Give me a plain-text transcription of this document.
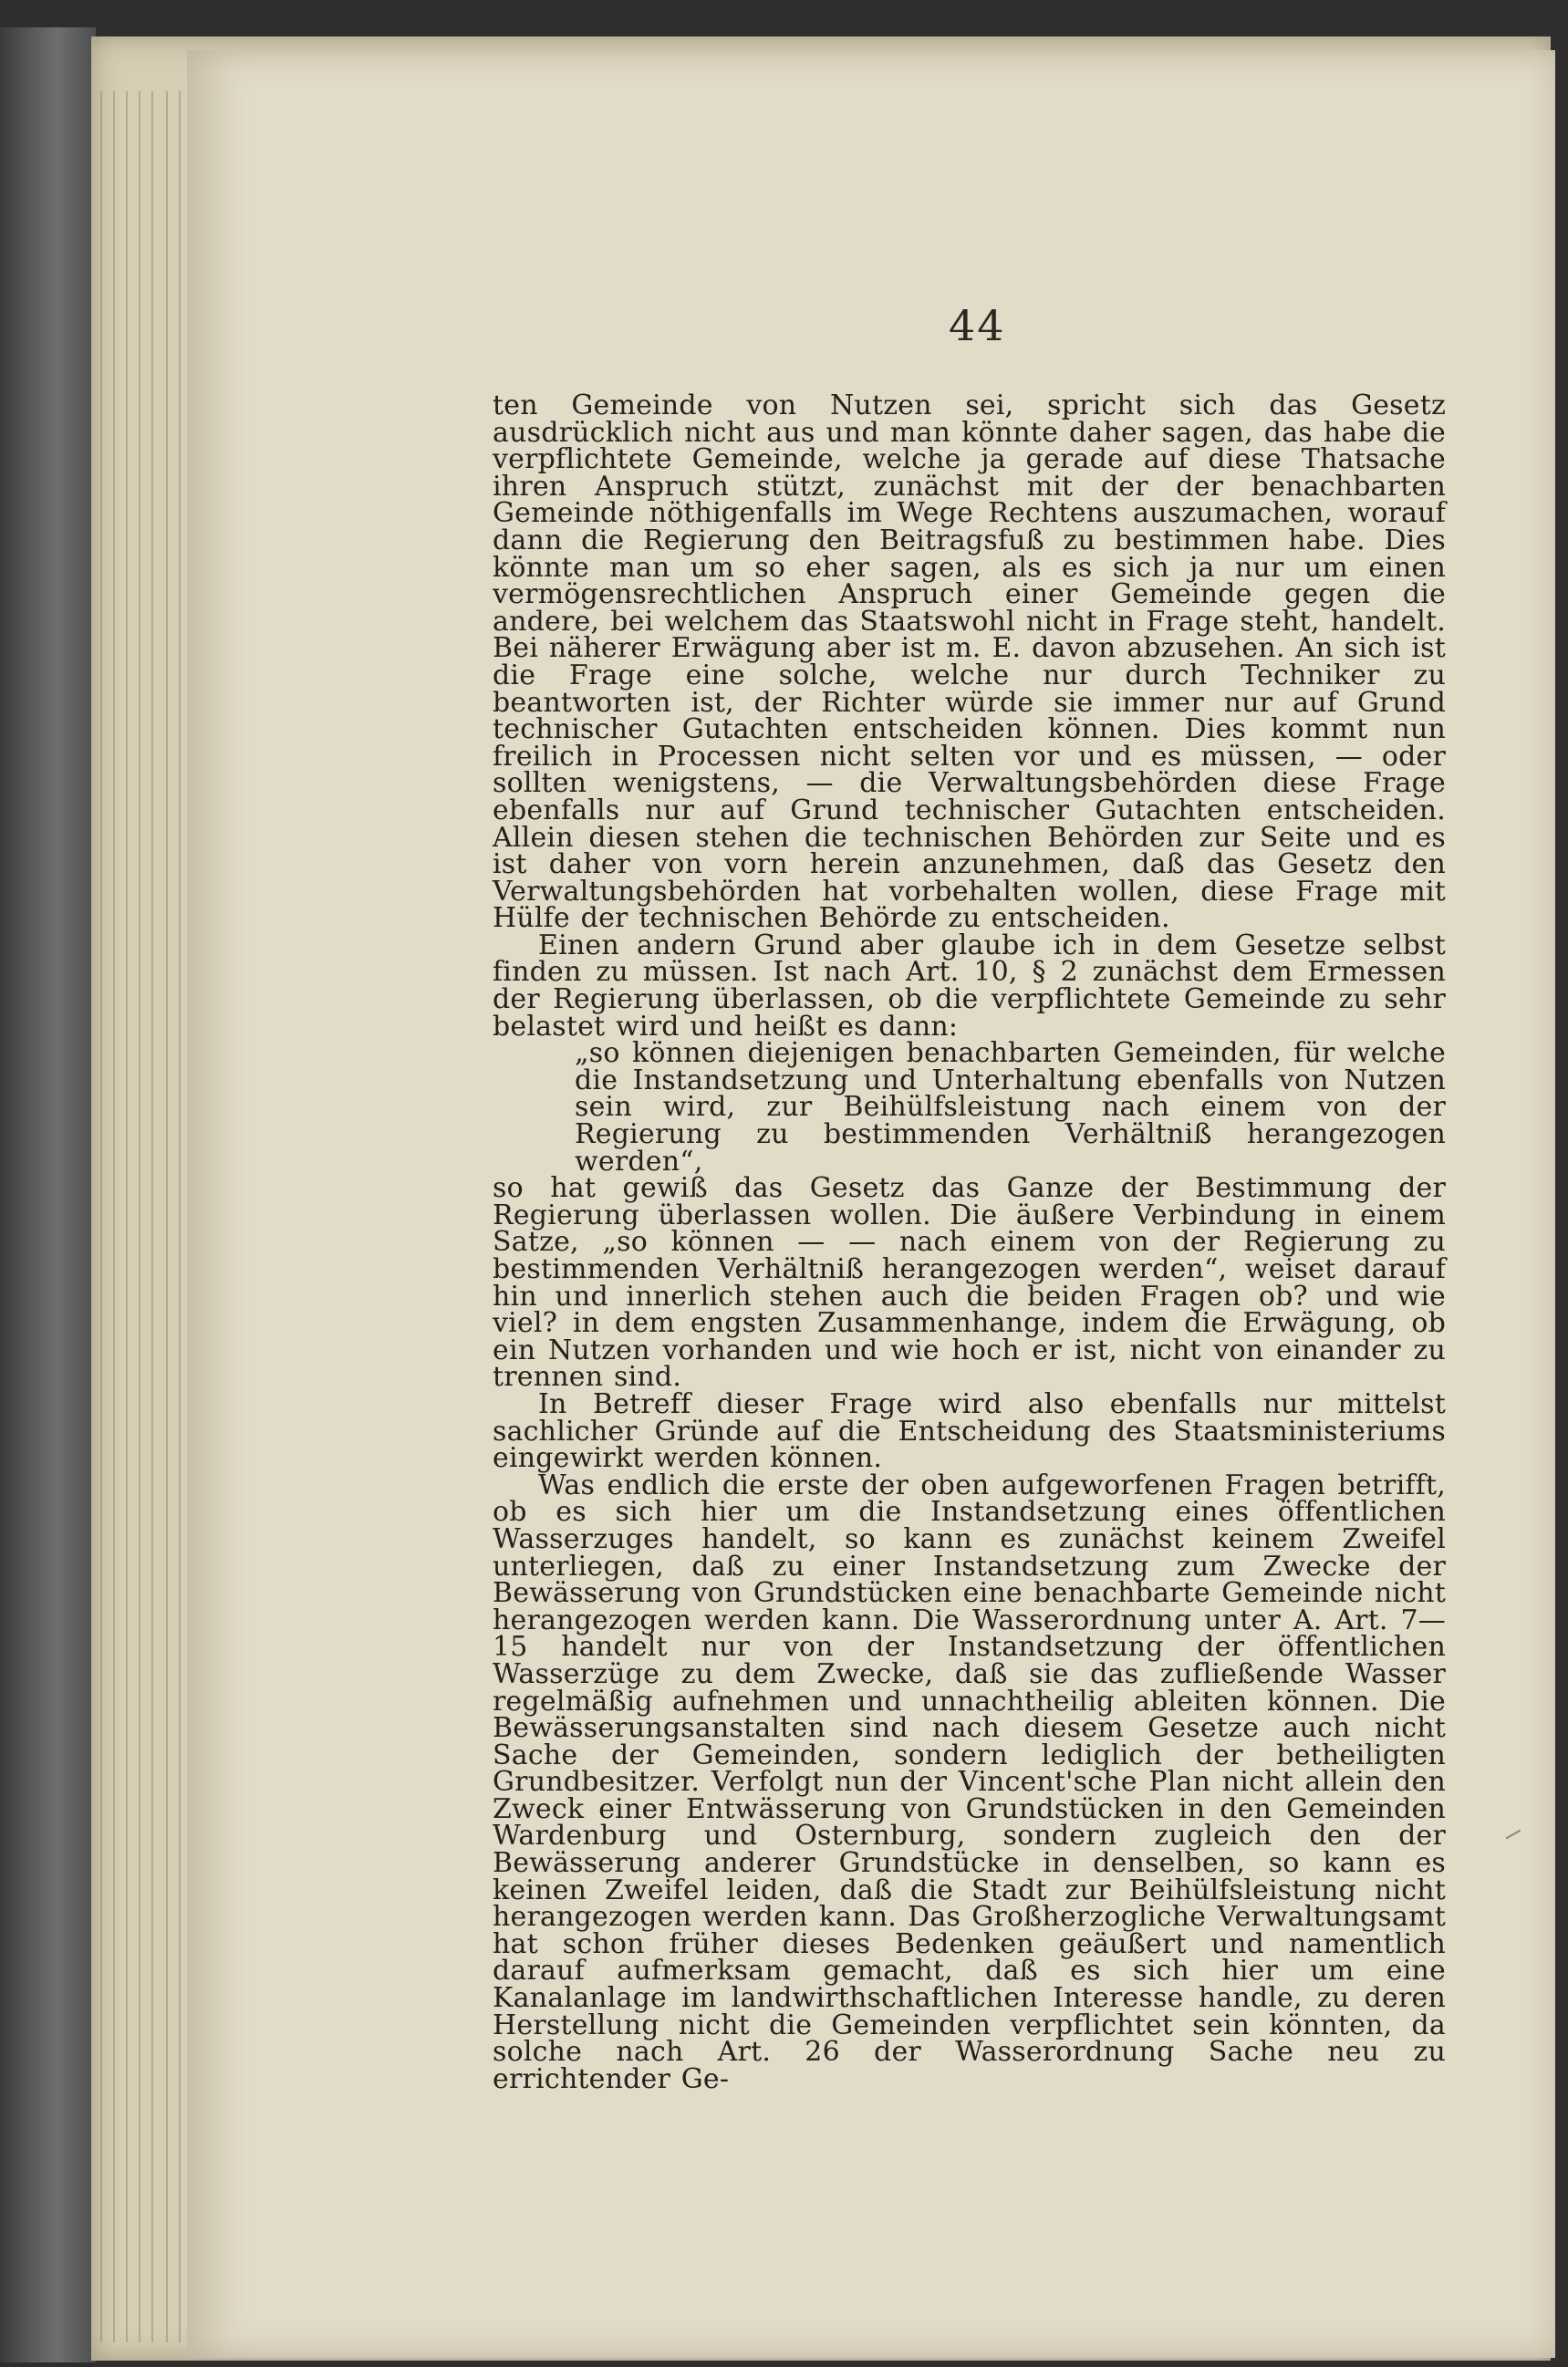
44

ten Gemeinde von Nutzen sei, spricht sich das Gesetz ausdrücklich nicht aus und man könnte daher sagen, das habe die verpflichtete Gemeinde, welche ja gerade auf diese Thatsache ihren Anspruch stützt, zunächst mit der der benachbarten Gemeinde nöthigenfalls im Wege Rechtens auszumachen, worauf dann die Regierung den Beitragsfuß zu bestimmen habe. Dies könnte man um so eher sagen, als es sich ja nur um einen vermögensrechtlichen Anspruch einer Gemeinde gegen die andere, bei welchem das Staatswohl nicht in Frage steht, handelt. Bei näherer Erwägung aber ist m. E. davon abzusehen. An sich ist die Frage eine solche, welche nur durch Techniker zu beantworten ist, der Richter würde sie immer nur auf Grund technischer Gutachten entscheiden können. Dies kommt nun freilich in Processen nicht selten vor und es müssen, — oder sollten wenigstens, — die Verwaltungsbehörden diese Frage ebenfalls nur auf Grund technischer Gutachten entscheiden. Allein diesen stehen die technischen Behörden zur Seite und es ist daher von vorn herein anzunehmen, daß das Gesetz den Verwaltungsbehörden hat vorbehalten wollen, diese Frage mit Hülfe der technischen Behörde zu entscheiden.

Einen andern Grund aber glaube ich in dem Gesetze selbst finden zu müssen. Ist nach Art. 10, § 2 zunächst dem Ermessen der Regierung überlassen, ob die verpflichtete Gemeinde zu sehr belastet wird und heißt es dann:

„so können diejenigen benachbarten Gemeinden, für welche die Instandsetzung und Unterhaltung ebenfalls von Nutzen sein wird, zur Beihülfsleistung nach einem von der Regierung zu bestimmenden Verhältniß herangezogen werden“,

so hat gewiß das Gesetz das Ganze der Bestimmung der Regierung überlassen wollen. Die äußere Verbindung in einem Satze, „so können — — nach einem von der Regierung zu bestimmenden Verhältniß herangezogen werden“, weiset darauf hin und innerlich stehen auch die beiden Fragen ob? und wie viel? in dem engsten Zusammenhange, indem die Erwägung, ob ein Nutzen vorhanden und wie hoch er ist, nicht von einander zu trennen sind.

In Betreff dieser Frage wird also ebenfalls nur mittelst sachlicher Gründe auf die Entscheidung des Staatsministeriums eingewirkt werden können.

Was endlich die erste der oben aufgeworfenen Fragen betrifft, ob es sich hier um die Instandsetzung eines öffentlichen Wasserzuges handelt, so kann es zunächst keinem Zweifel unterliegen, daß zu einer Instandsetzung zum Zwecke der Bewässerung von Grundstücken eine benachbarte Gemeinde nicht herangezogen werden kann. Die Wasserordnung unter A. Art. 7—15 handelt nur von der Instandsetzung der öffentlichen Wasserzüge zu dem Zwecke, daß sie das zufließende Wasser regelmäßig aufnehmen und unnachtheilig ableiten können. Die Bewässerungsanstalten sind nach diesem Gesetze auch nicht Sache der Gemeinden, sondern lediglich der betheiligten Grundbesitzer. Verfolgt nun der Vincent'sche Plan nicht allein den Zweck einer Entwässerung von Grundstücken in den Gemeinden Wardenburg und Osternburg, sondern zugleich den der Bewässerung anderer Grundstücke in denselben, so kann es keinen Zweifel leiden, daß die Stadt zur Beihülfsleistung nicht herangezogen werden kann. Das Großherzogliche Verwaltungsamt hat schon früher dieses Bedenken geäußert und namentlich darauf aufmerksam gemacht, daß es sich hier um eine Kanalanlage im landwirthschaftlichen Interesse handle, zu deren Herstellung nicht die Gemeinden verpflichtet sein könnten, da solche nach Art. 26 der Wasserordnung Sache neu zu errichtender Ge-
